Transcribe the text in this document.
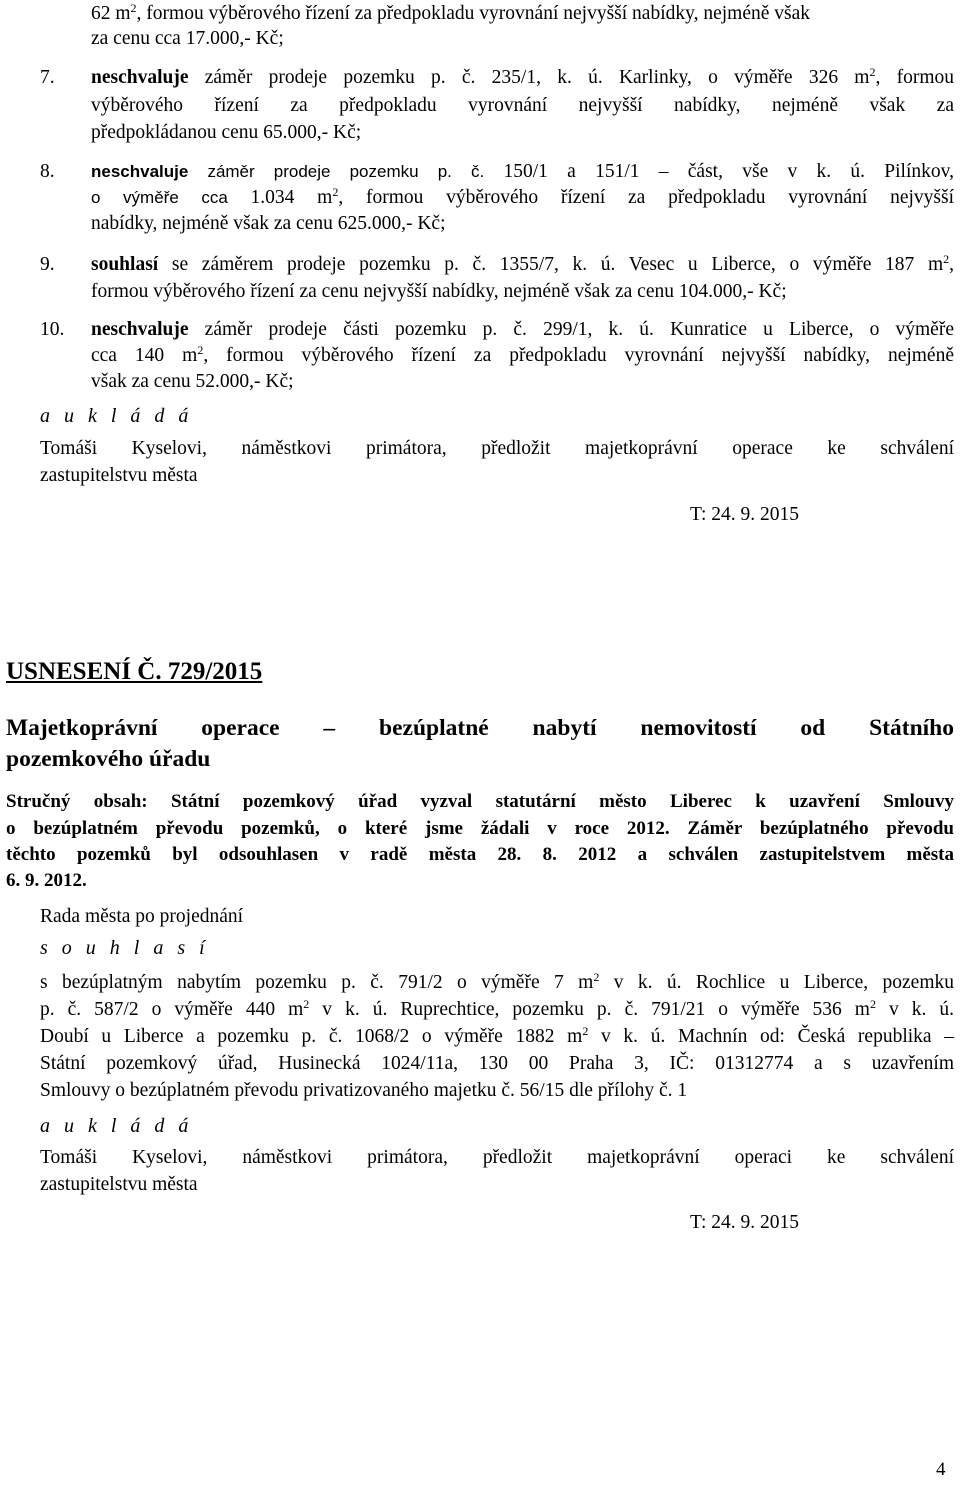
62 $m^2$, formou výběrového řízení za předpokladu vyrovnání nejvyšší nabídky, nejméně však
za cenu cca 17.000,- Kč;
7. neschvaluje záměr prodeje pozemku p. č. 235/1, k. ú. Karlinky, o výměře 326 $m^2$, formou
výběrového řízení za předpokladu vyrovnání nejvyšší nabídky, nejméně však za
předpokládanou cenu 65.000,- Kč;
8. neschvaluje záměr prodeje pozemku p. č. 150/1 a 151/1 – část, vše v k. ú. Pilínkov,
o výměře cca 1.034 $m^2$, formou výběrového řízení za předpokladu vyrovnání nejvyšší
nabídky, nejméně však za cenu 625.000,- Kč;
9. souhlasí se záměrem prodeje pozemku p. č. 1355/7, k. ú. Vesec u Liberce, o výměře 187 $m^2$,
formou výběrového řízení za cenu nejvyšší nabídky, nejméně však za cenu 104.000,- Kč;
10. neschvaluje záměr prodeje části pozemku p. č. 299/1, k. ú. Kunratice u Liberce, o výměře
cca 140 $m^2$, formou výběrového řízení za předpokladu vyrovnání nejvyšší nabídky, nejméně
však za cenu 52.000,- Kč;
a u k l á d á
Tomáši Kyselovi, náměstkovi primátora, předložit majetkoprávní operace ke schválení
zastupitelstvu města
T: 24. 9. 2015
USNESENÍ Č. 729/2015
Majetkoprávní operace – bezúplatné nabytí nemovitostí od Státního
pozemkového úřadu
Stručný obsah: Státní pozemkový úřad vyzval statutární město Liberec k uzavření Smlouvy
o bezúplatném převodu pozemků, o které jsme žádali v roce 2012. Záměr bezúplatného převodu
těchto pozemků byl odsouhlasen v radě města 28. 8. 2012 a schválen zastupitelstvem města
6. 9. 2012.
Rada města po projednání
s o u h l a s í
s bezúplatným nabytím pozemku p. č. 791/2 o výměře 7 $m^2$ v k. ú. Rochlice u Liberce, pozemku
p. č. 587/2 o výměře 440 $m^2$ v k. ú. Ruprechtice, pozemku p. č. 791/21 o výměře 536 $m^2$ v k. ú.
Doubí u Liberce a pozemku p. č. 1068/2 o výměře 1882 $m^2$ v k. ú. Machnín od: Česká republika –
Státní pozemkový úřad, Husinecká 1024/11a, 130 00 Praha 3, IČ: 01312774 a s uzavřením
Smlouvy o bezúplatném převodu privatizovaného majetku č. 56/15 dle přílohy č. 1
a u k l á d á
Tomáši Kyselovi, náměstkovi primátora, předložit majetkoprávní operaci ke schválení
zastupitelstvu města
T: 24. 9. 2015
4
